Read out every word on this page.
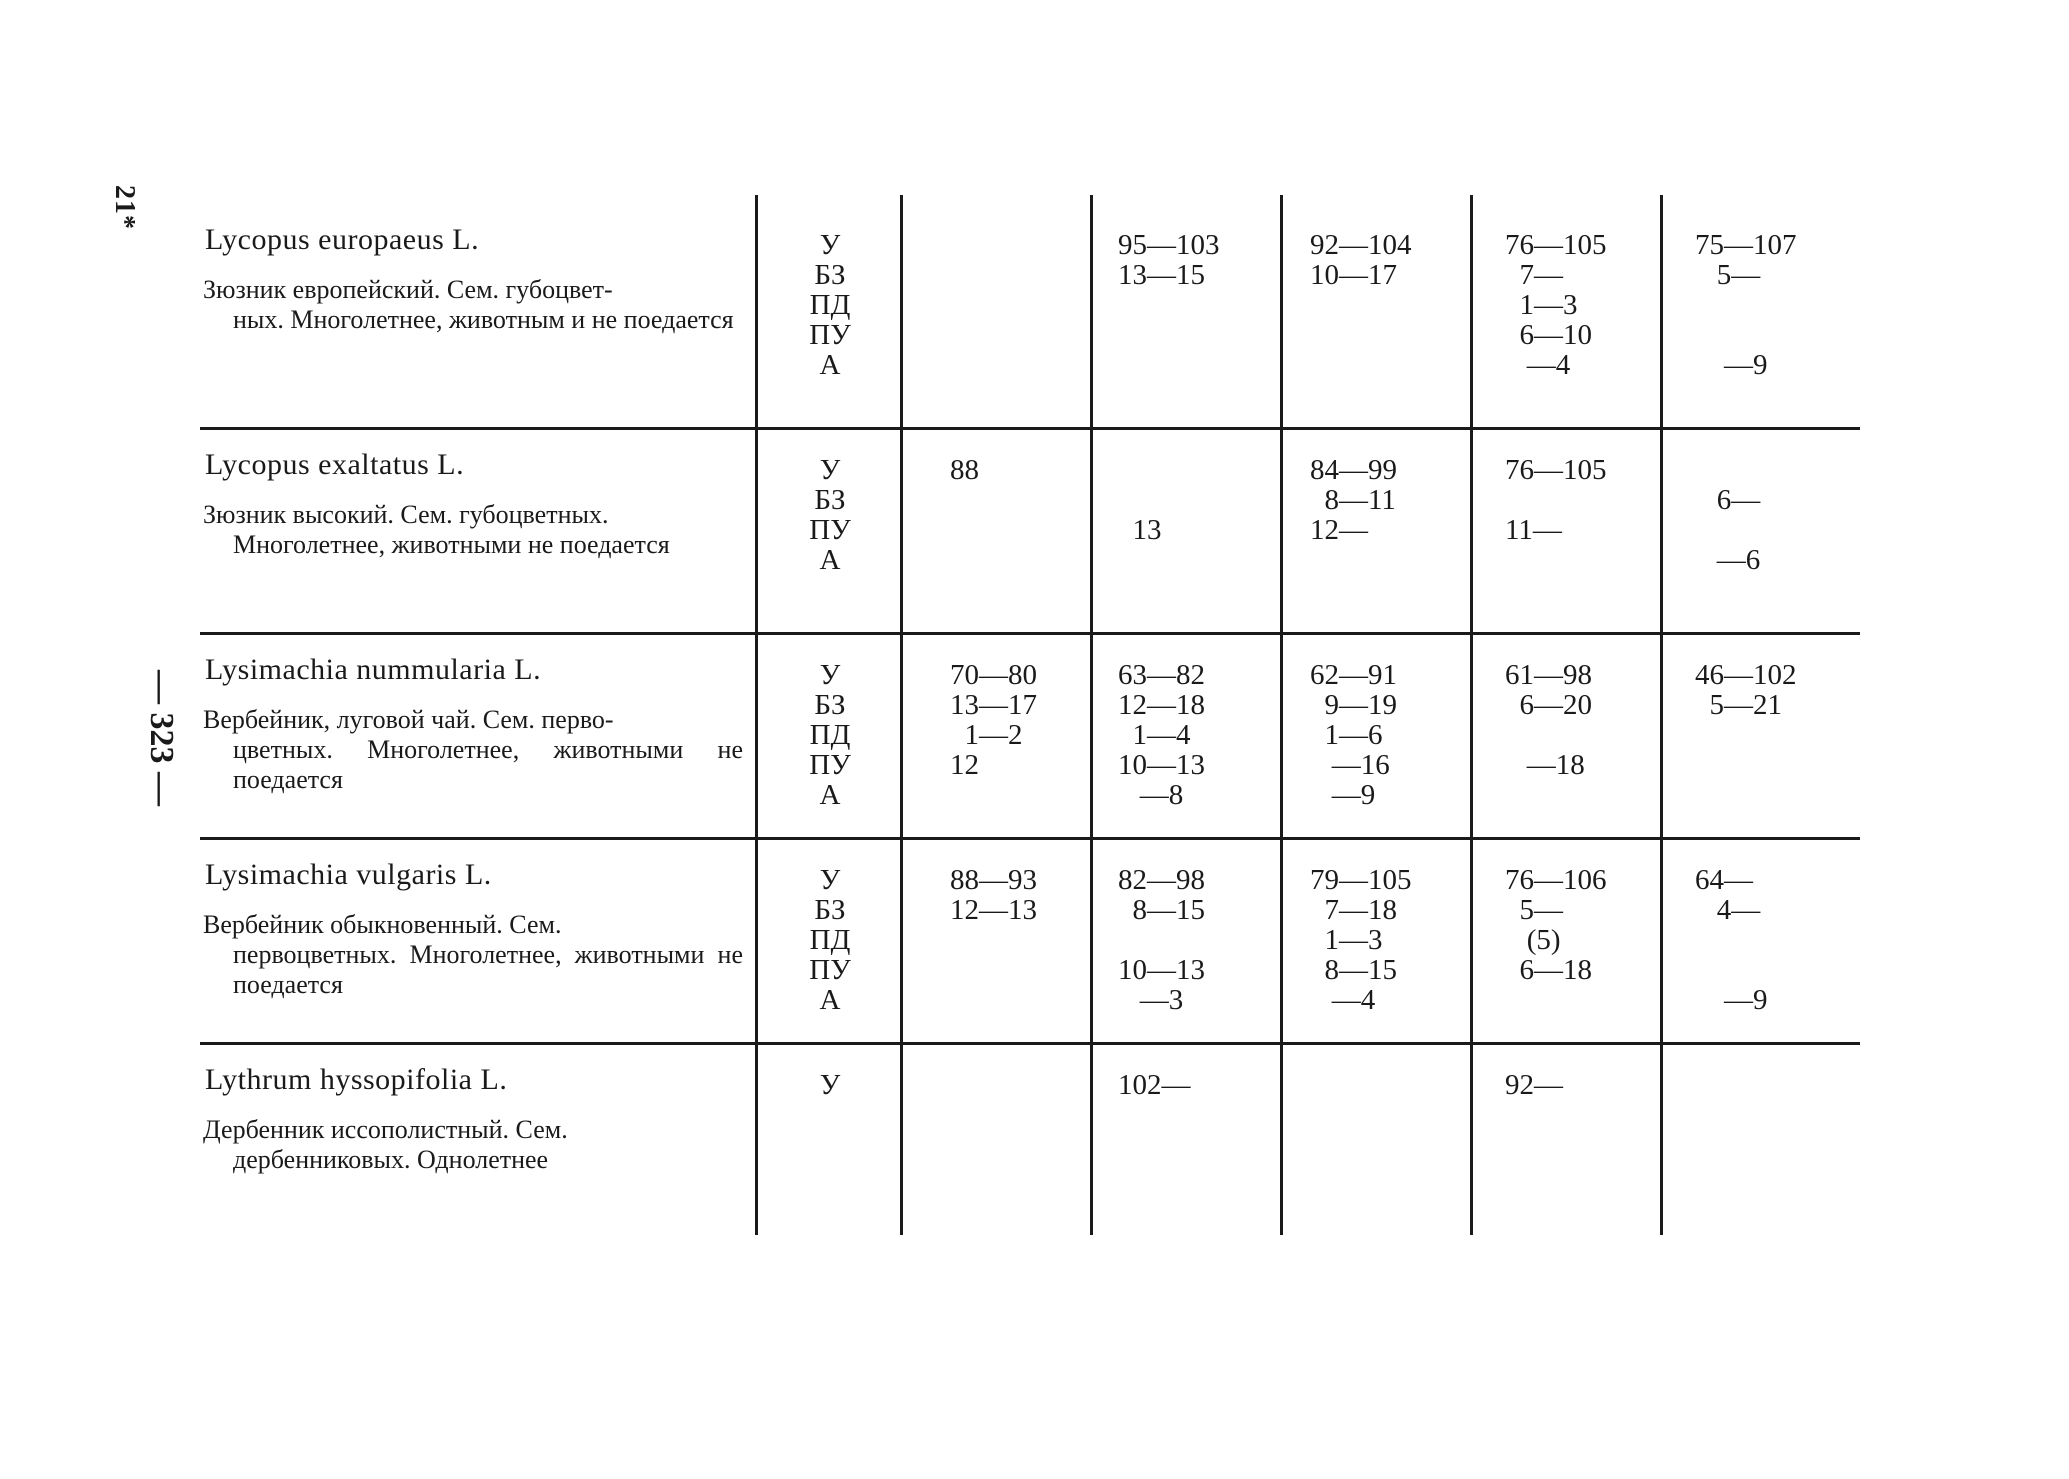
21*
— 323 —
Lycopus europaeus L.
Зюзник европейский. Сем. губоцвет-
ных. Многолетнее, животным и не поедается
У
БЗ
ПД
ПУ
А
95—103
13—15
92—104
10—17
76—105
7—
1—3
6—10
—4
75—107
5—
—9
Lycopus exaltatus L.
Зюзник высокий. Сем. губоцветных.
Многолетнее, животными не поедается
У
БЗ
ПУ
А
88
13
84—99
8—11
12—
76—105
11—
6—
—6
Lysimachia nummularia L.
Вербейник, луговой чай. Сем. перво-
цветных. Многолетнее, животными не поедается
У
БЗ
ПД
ПУ
А
70—80
13—17
1—2
12
63—82
12—18
1—4
10—13
—8
62—91
9—19
1—6
—16
—9
61—98
6—20
—18
46—102
5—21
Lysimachia vulgaris L.
Вербейник обыкновенный. Сем.
первоцветных. Многолетнее, животными не поедается
У
БЗ
ПД
ПУ
А
88—93
12—13
82—98
8—15
10—13
—3
79—105
7—18
1—3
8—15
—4
76—106
5—
(5)
6—18
64—
4—
—9
Lythrum hyssopifolia L.
Дербенник иссополистный. Сем.
дербенниковых. Однолетнее
У	102—	92—
